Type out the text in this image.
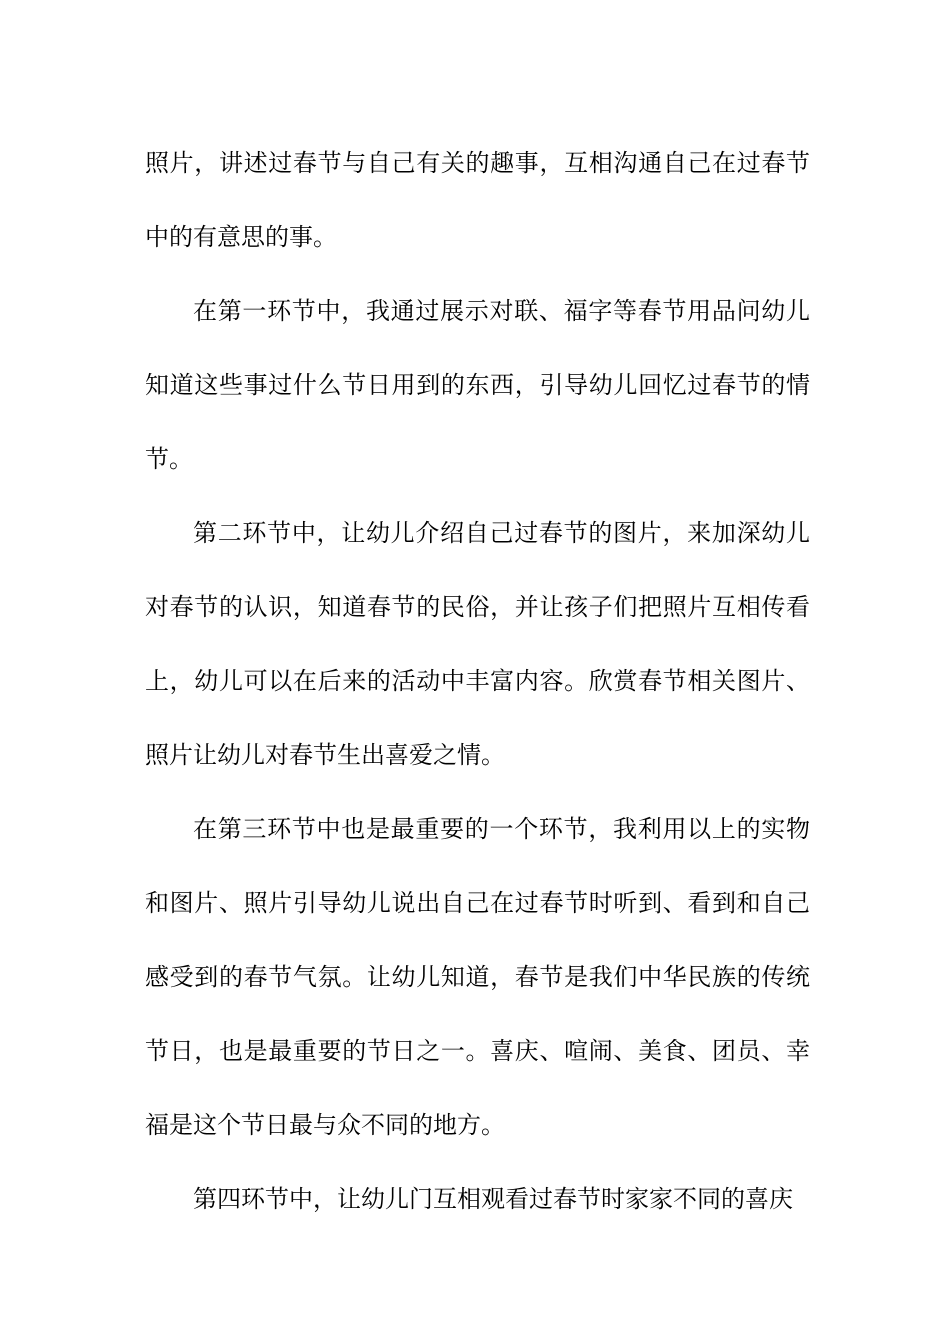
照片，讲述过春节与自己有关的趣事，互相沟通自己在过春节中的有意思的事。

在第一环节中，我通过展示对联、福字等春节用品问幼儿知道这些事过什么节日用到的东西，引导幼儿回忆过春节的情节。

第二环节中，让幼儿介绍自己过春节的图片，来加深幼儿对春节的认识，知道春节的民俗，并让孩子们把照片互相传看上，幼儿可以在后来的活动中丰富内容。欣赏春节相关图片、照片让幼儿对春节生出喜爱之情。

在第三环节中也是最重要的一个环节，我利用以上的实物和图片、照片引导幼儿说出自己在过春节时听到、看到和自己感受到的春节气氛。让幼儿知道，春节是我们中华民族的传统节日，也是最重要的节日之一。喜庆、喧闹、美食、团员、幸福是这个节日最与众不同的地方。

第四环节中，让幼儿门互相观看过春节时家家不同的喜庆
